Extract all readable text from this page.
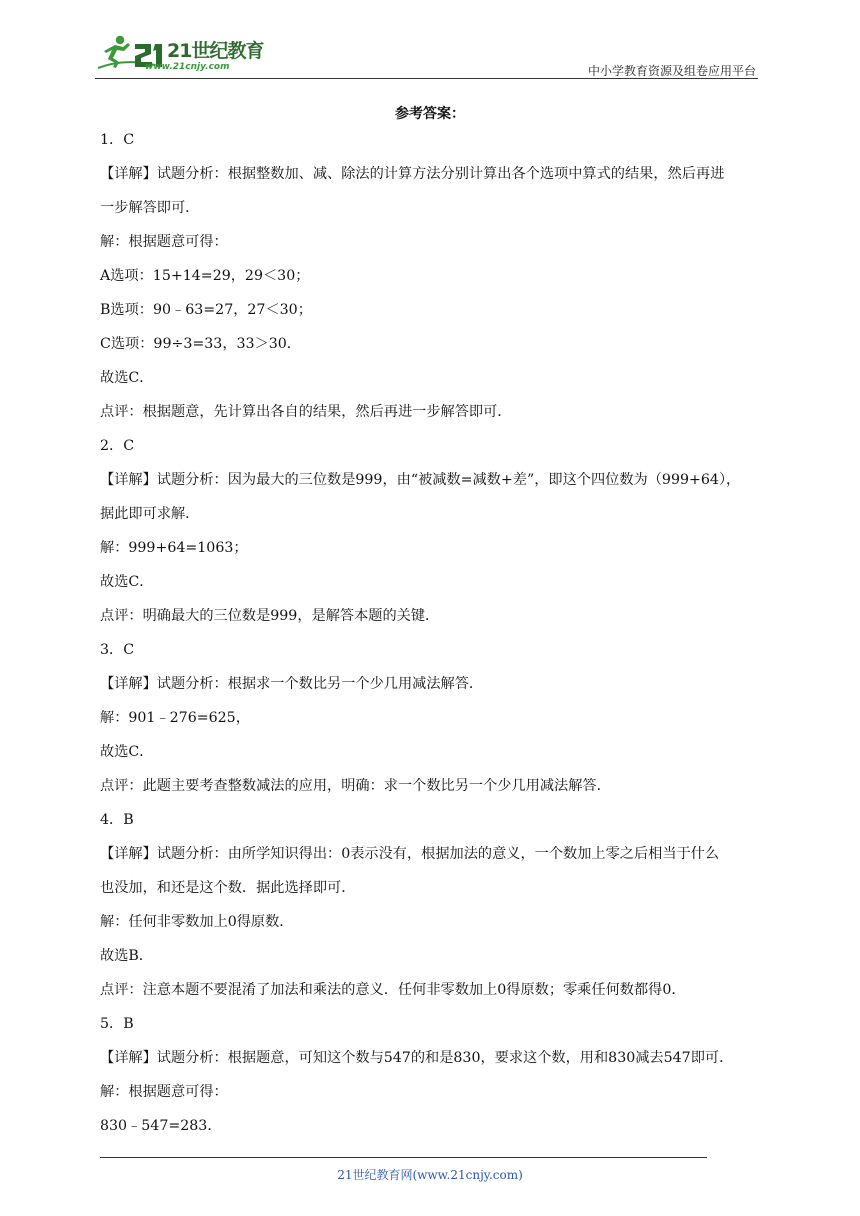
21世纪教育
www.21cnjy.com	中小学教育资源及组卷应用平台
参考答案：

1．C

【详解】试题分析：根据整数加、减、除法的计算方法分别计算出各个选项中算式的结果，然后再进

一步解答即可．

解：根据题意可得：

A选项：15+14=29，29＜30；

B选项：90﹣63=27，27＜30；

C选项：99÷3=33，33＞30．

故选C．

点评：根据题意，先计算出各自的结果，然后再进一步解答即可．

2．C

【详解】试题分析：因为最大的三位数是999，由“被减数=减数+差”，即这个四位数为（999+64），

据此即可求解．

解：999+64=1063；

故选C．

点评：明确最大的三位数是999，是解答本题的关键．

3．C

【详解】试题分析：根据求一个数比另一个少几用减法解答．

解：901﹣276=625，

故选C．

点评：此题主要考查整数减法的应用，明确：求一个数比另一个少几用减法解答．

4．B

【详解】试题分析：由所学知识得出：0表示没有，根据加法的意义，一个数加上零之后相当于什么

也没加，和还是这个数．据此选择即可．

解：任何非零数加上0得原数．

故选B．

点评：注意本题不要混淆了加法和乘法的意义．任何非零数加上0得原数；零乘任何数都得0．

5．B

【详解】试题分析：根据题意，可知这个数与547的和是830，要求这个数，用和830减去547即可．

解：根据题意可得：

830﹣547=283．

21世纪教育网(www.21cnjy.com)
